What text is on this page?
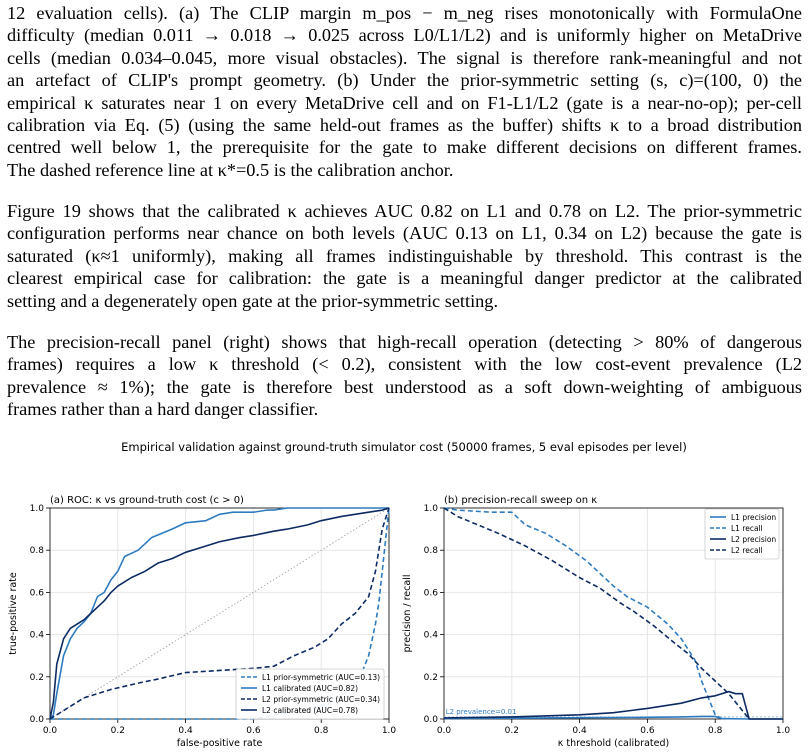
12 evaluation cells). (a) The CLIP margin m_pos − m_neg rises monotonically with FormulaOne
difficulty (median 0.011 → 0.018 → 0.025 across L0/L1/L2) and is uniformly higher on MetaDrive
cells (median 0.034–0.045, more visual obstacles). The signal is therefore rank-meaningful and not
an artefact of CLIP's prompt geometry. (b) Under the prior-symmetric setting (s, c)=(100, 0) the
empirical κ saturates near 1 on every MetaDrive cell and on F1-L1/L2 (gate is a near-no-op); per-cell
calibration via Eq. (5) (using the same held-out frames as the buffer) shifts κ to a broad distribution
centred well below 1, the prerequisite for the gate to make different decisions on different frames.
The dashed reference line at κ*=0.5 is the calibration anchor.
Figure 19 shows that the calibrated κ achieves AUC 0.82 on L1 and 0.78 on L2. The prior-symmetric
configuration performs near chance on both levels (AUC 0.13 on L1, 0.34 on L2) because the gate is
saturated (κ≈1 uniformly), making all frames indistinguishable by threshold. This contrast is the
clearest empirical case for calibration: the gate is a meaningful danger predictor at the calibrated
setting and a degenerately open gate at the prior-symmetric setting.
The precision-recall panel (right) shows that high-recall operation (detecting > 80% of dangerous
frames) requires a low κ threshold (< 0.2), consistent with the low cost-event prevalence (L2
prevalence ≈ 1%); the gate is therefore best understood as a soft down-weighting of ambiguous
frames rather than a hard danger classifier.
Empirical validation against ground-truth simulator cost (50000 frames, 5 eval episodes per level)
0.0
0.0
0.2
0.2
0.4
0.4
0.6
0.6
0.8
0.8
1.0
1.0
(a) ROC: κ vs ground-truth cost (c > 0)
false-positive rate
true-positive rate
L1 prior-symmetric (AUC=0.13)
L1 calibrated (AUC=0.82)
L2 prior-symmetric (AUC=0.34)
L2 calibrated (AUC=0.78)
0.0
0.0
0.2
0.2
0.4
0.4
0.6
0.6
0.8
0.8
1.0
1.0
(b) precision-recall sweep on κ
κ threshold (calibrated)
precision / recall
L2 prevalence=0.01
L1 precision
L1 recall
L2 precision
L2 recall
